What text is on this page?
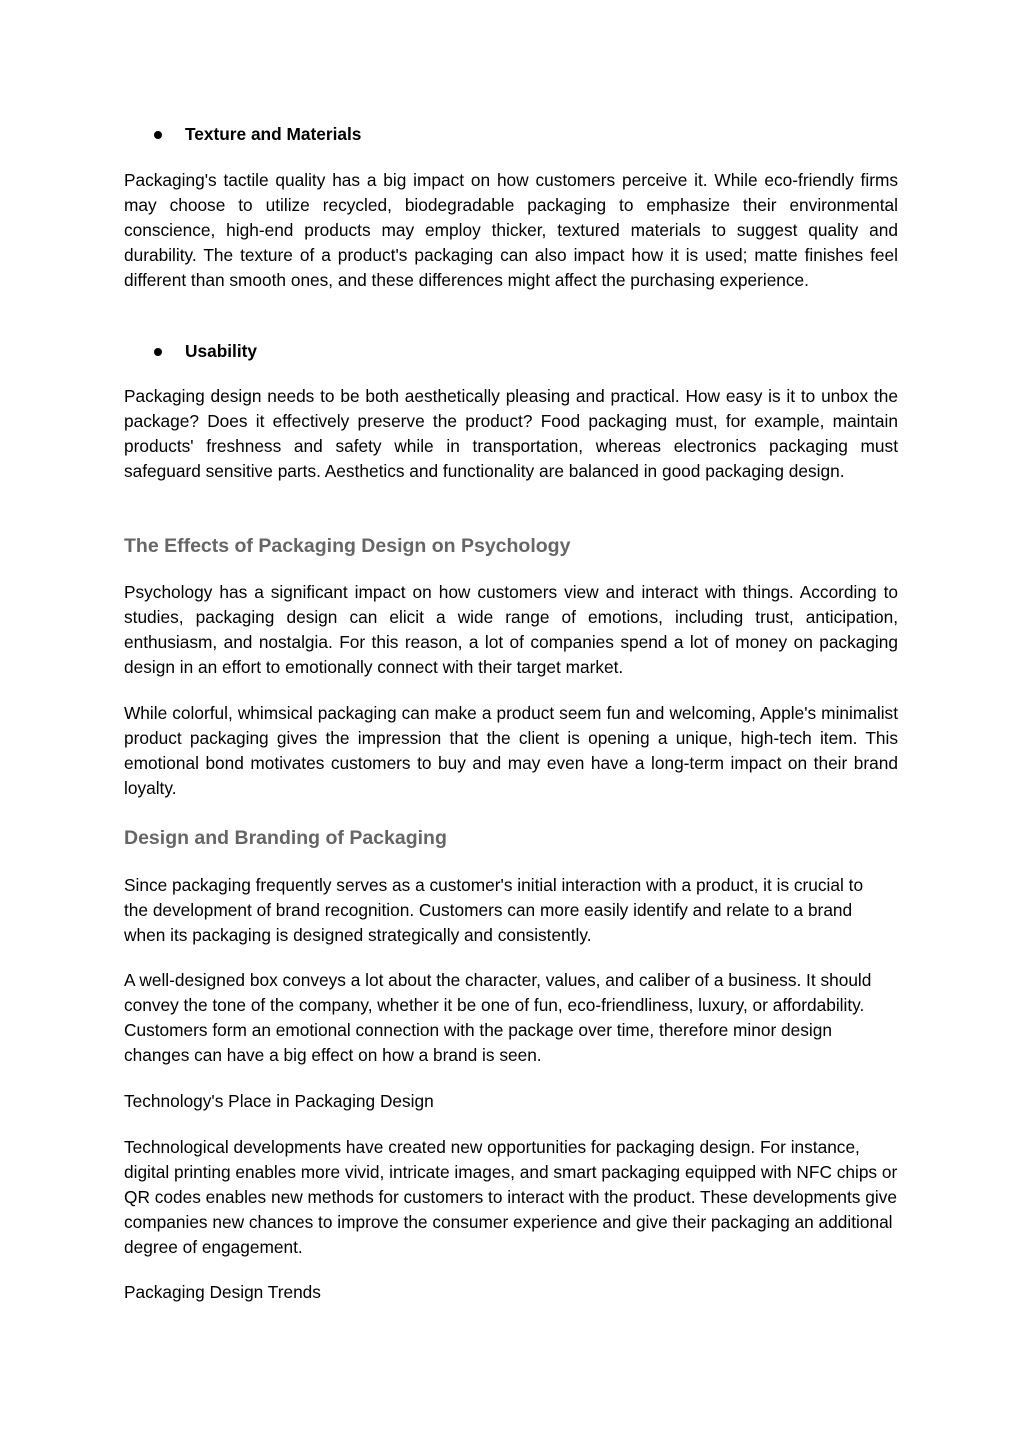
Texture and Materials

Packaging's tactile quality has a big impact on how customers perceive it. While eco-friendly firms may choose to utilize recycled, biodegradable packaging to emphasize their environmental conscience, high-end products may employ thicker, textured materials to suggest quality and durability. The texture of a product's packaging can also impact how it is used; matte finishes feel different than smooth ones, and these differences might affect the purchasing experience.

Usability

Packaging design needs to be both aesthetically pleasing and practical. How easy is it to unbox the package? Does it effectively preserve the product? Food packaging must, for example, maintain products' freshness and safety while in transportation, whereas electronics packaging must safeguard sensitive parts. Aesthetics and functionality are balanced in good packaging design.

The Effects of Packaging Design on Psychology

Psychology has a significant impact on how customers view and interact with things. According to studies, packaging design can elicit a wide range of emotions, including trust, anticipation, enthusiasm, and nostalgia. For this reason, a lot of companies spend a lot of money on packaging design in an effort to emotionally connect with their target market.

While colorful, whimsical packaging can make a product seem fun and welcoming, Apple's minimalist product packaging gives the impression that the client is opening a unique, high-tech item. This emotional bond motivates customers to buy and may even have a long-term impact on their brand loyalty.

Design and Branding of Packaging

Since packaging frequently serves as a customer's initial interaction with a product, it is crucial to the development of brand recognition. Customers can more easily identify and relate to a brand when its packaging is designed strategically and consistently.

A well-designed box conveys a lot about the character, values, and caliber of a business. It should convey the tone of the company, whether it be one of fun, eco-friendliness, luxury, or affordability. Customers form an emotional connection with the package over time, therefore minor design changes can have a big effect on how a brand is seen.

Technology's Place in Packaging Design

Technological developments have created new opportunities for packaging design. For instance, digital printing enables more vivid, intricate images, and smart packaging equipped with NFC chips or QR codes enables new methods for customers to interact with the product. These developments give companies new chances to improve the consumer experience and give their packaging an additional degree of engagement.

Packaging Design Trends
